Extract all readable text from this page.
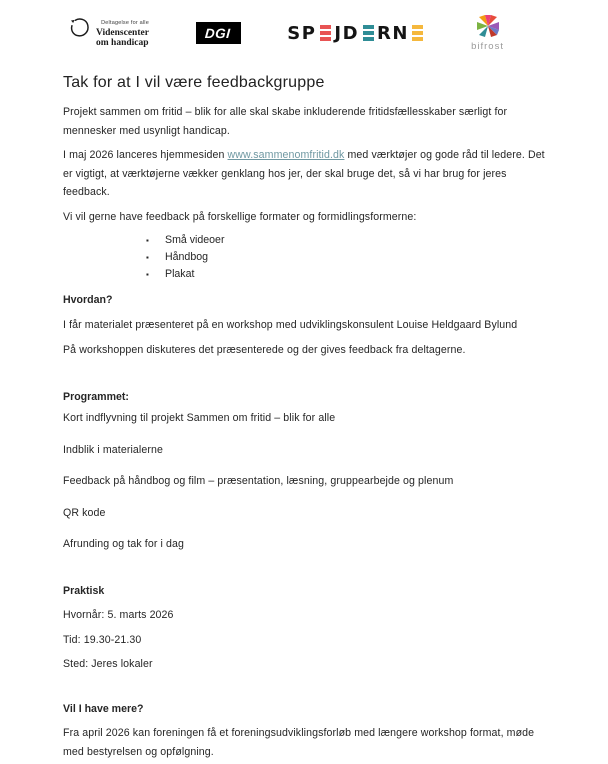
Deltagelse for alle
Videnscenter
om handicap
DGI	SP JD RN
bifrost
Tak for at I vil være feedbackgruppe

Projekt sammen om fritid – blik for alle skal skabe inkluderende fritidsfællesskaber særligt for mennesker med usynligt handicap.

I maj 2026 lanceres hjemmesiden www.sammenomfritid.dk med værktøjer og gode råd til ledere. Det er vigtigt, at værktøjerne vækker genklang hos jer, der skal bruge det, så vi har brug for jeres feedback.

Vi vil gerne have feedback på forskellige formater og formidlingsformerne:

▪	Små videoer
▪	Håndbog
▪	Plakat

Hvordan?

I får materialet præsenteret på en workshop med udviklingskonsulent Louise Heldgaard Bylund

På workshoppen diskuteres det præsenterede og der gives feedback fra deltagerne.

Programmet:

Kort indflyvning til projekt Sammen om fritid – blik for alle

Indblik i materialerne

Feedback på håndbog og film – præsentation, læsning, gruppearbejde og plenum

QR kode

Afrunding og tak for i dag

Praktisk

Hvornår: 5. marts 2026

Tid: 19.30-21.30

Sted: Jeres lokaler

Vil I have mere?

Fra april 2026 kan foreningen få et foreningsudviklingsforløb med længere workshop format, møde med bestyrelsen og opfølgning.
